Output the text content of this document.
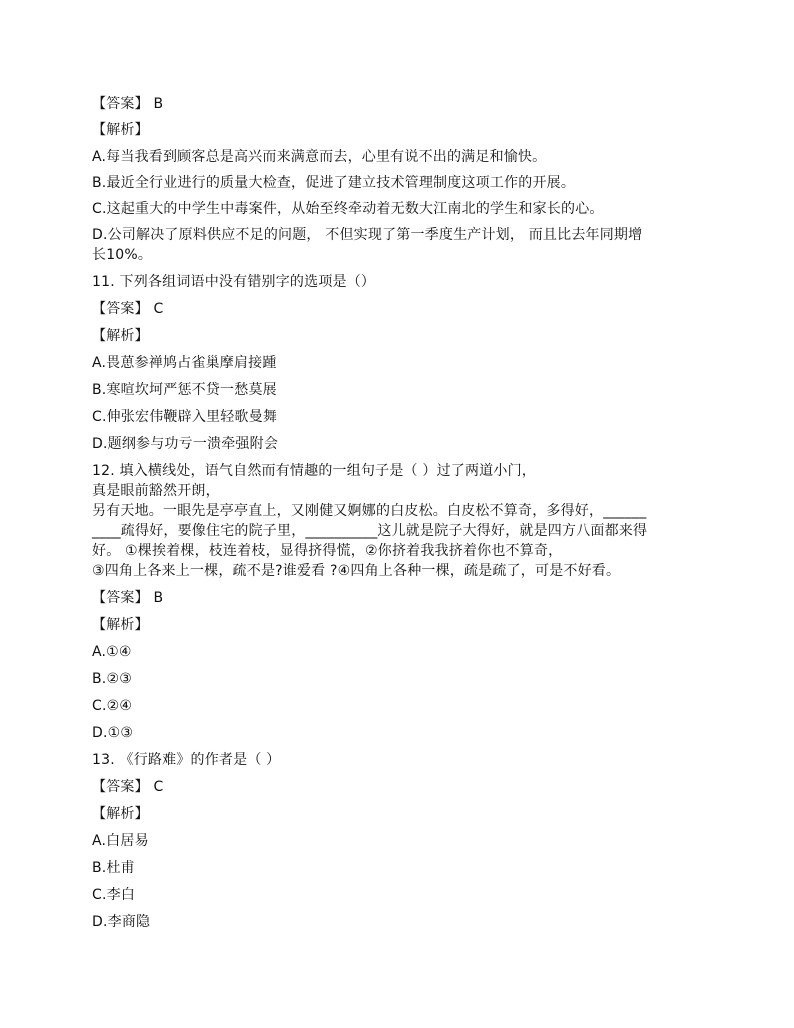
【答案】 B
【解析】
A.每当我看到顾客总是高兴而来满意而去，心里有说不出的满足和愉快。
B.最近全行业进行的质量大检查，促进了建立技术管理制度这项工作的开展。
C.这起重大的中学生中毒案件，从始至终牵动着无数大江南北的学生和家长的心。
D.公司解决了原料供应不足的问题， 不但实现了第一季度生产计划， 而且比去年同期增
长10%。
11. 下列各组词语中没有错别字的选项是（）
【答案】 C
【解析】
A.畏葸参禅鸠占雀巢摩肩接踵
B.寒喧坎坷严惩不贷一愁莫展
C.伸张宏伟鞭辟入里轻歌曼舞
D.题纲参与功亏一溃牵强附会
12. 填入横线处，语气自然而有情趣的一组句子是（ ）过了两道小门，
真是眼前豁然开朗，
另有天地。一眼先是亭亭直上，又刚健又婀娜的白皮松。白皮松不算奇，多得好，______
____疏得好，要像住宅的院子里，__________这儿就是院子大得好，就是四方八面都来得
好。 ①棵挨着棵，枝连着枝，显得挤得慌，②你挤着我我挤着你也不算奇，
③四角上各来上一棵，疏不是?谁爱看 ?④四角上各种一棵，疏是疏了，可是不好看。
【答案】 B
【解析】
A.①④
B.②③
C.②④
D.①③
13. 《行路难》的作者是（ ）
【答案】 C
【解析】
A.白居易
B.杜甫
C.李白
D.李商隐
